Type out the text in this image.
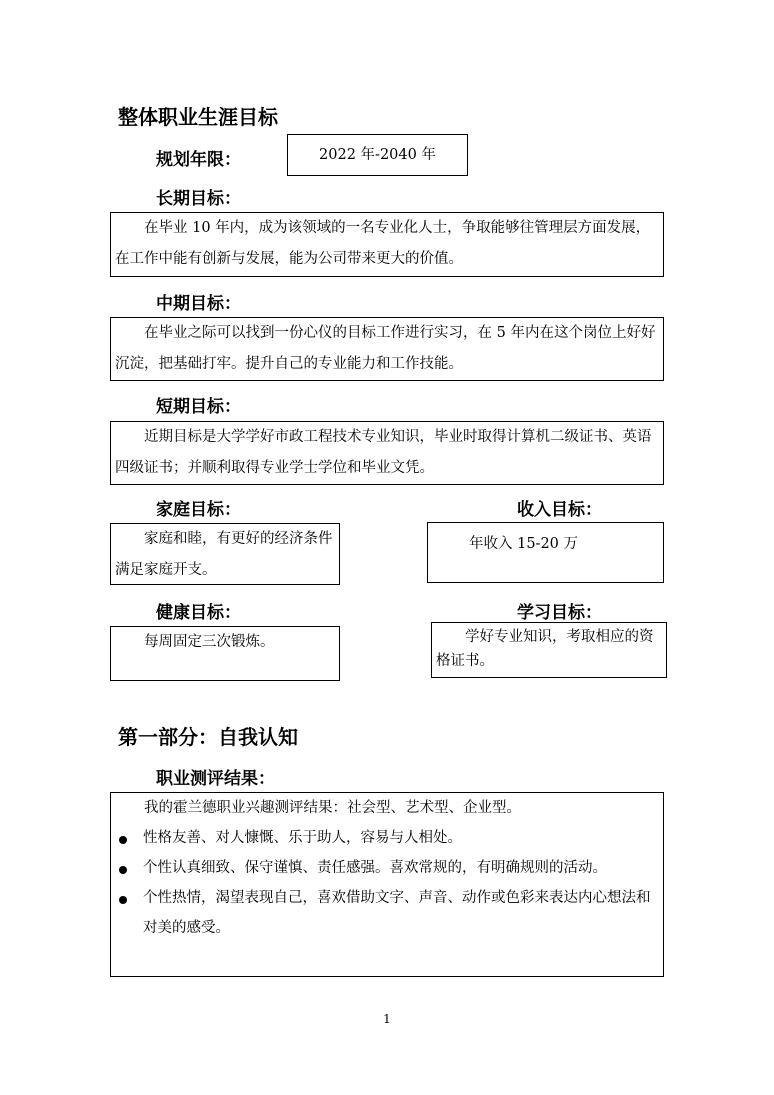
整体职业生涯目标
规划年限：	2022 年-2040 年
长期目标：

在毕业 10 年内，成为该领域的一名专业化人士，争取能够往管理层方面发展，在工作中能有创新与发展，能为公司带来更大的价值。

中期目标：

在毕业之际可以找到一份心仪的目标工作进行实习，在 5 年内在这个岗位上好好沉淀，把基础打牢。提升自己的专业能力和工作技能。

短期目标：

近期目标是大学学好市政工程技术专业知识，毕业时取得计算机二级证书、英语四级证书；并顺利取得专业学士学位和毕业文凭。

家庭目标：	收入目标：

家庭和睦，有更好的经济条件满足家庭开支。

年收入 15-20 万

健康目标：	学习目标：

每周固定三次锻炼。	学好专业知识，考取相应的资格证书。

第一部分：自我认知
职业测评结果：

我的霍兰德职业兴趣测评结果：社会型、艺术型、企业型。

性格友善、对人慷慨、乐于助人，容易与人相处。
个性认真细致、保守谨慎、责任感强。喜欢常规的，有明确规则的活动。
个性热情，渴望表现自己，喜欢借助文字、声音、动作或色彩来表达内心想法和对美的感受。
1
